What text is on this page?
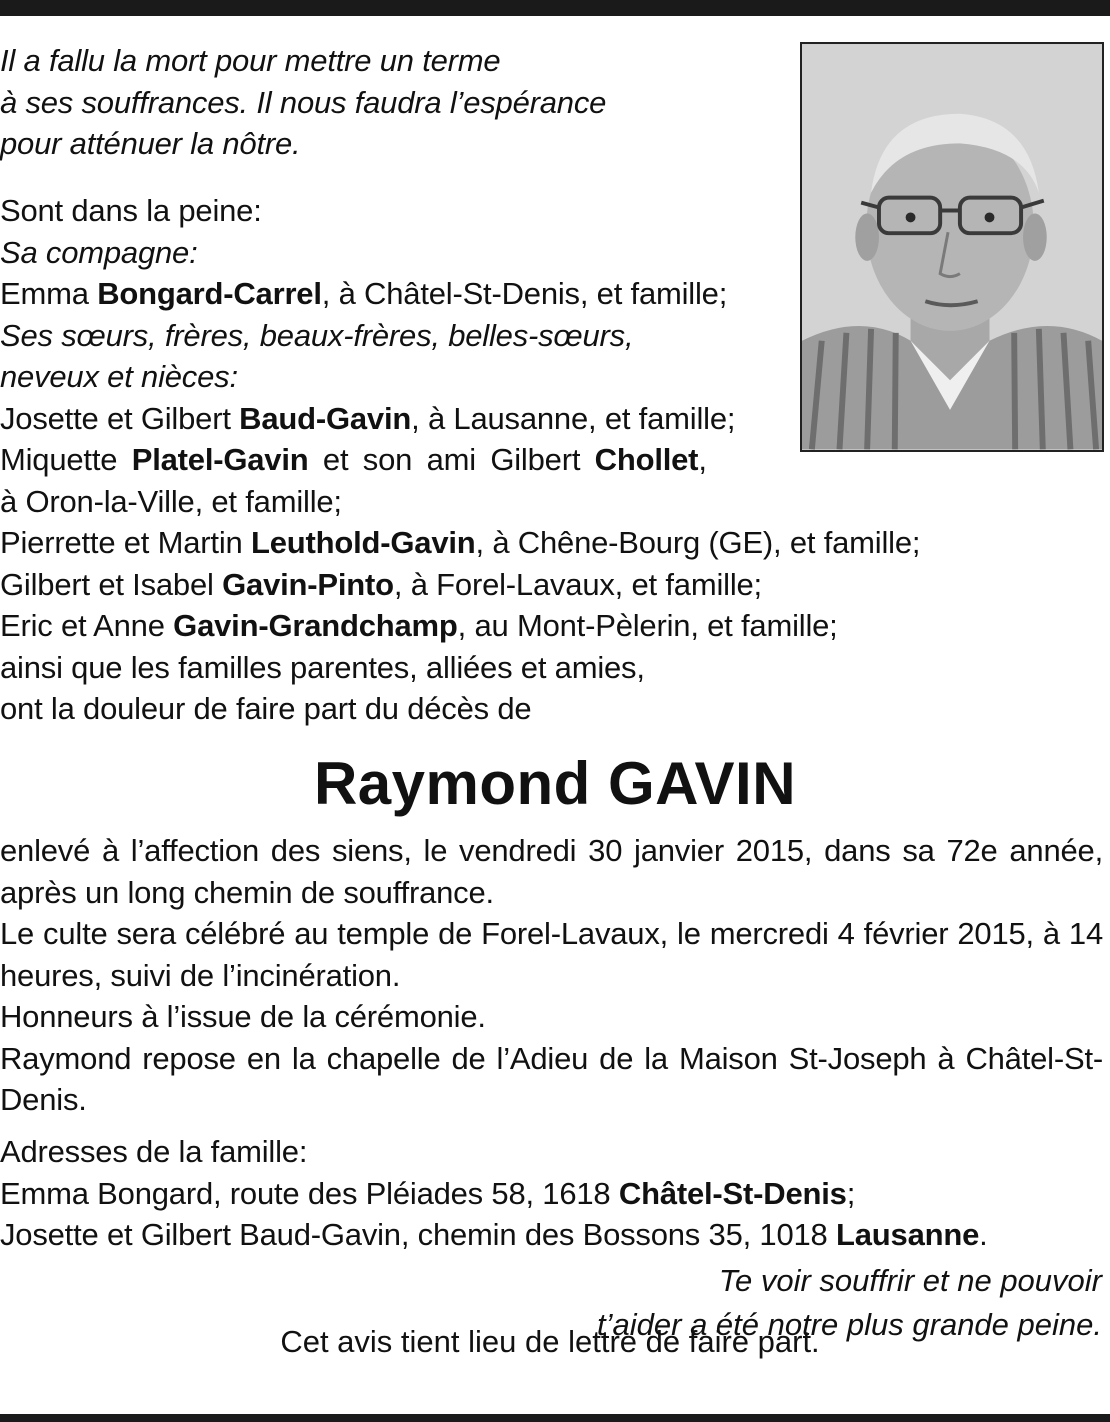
Il a fallu la mort pour mettre un terme
à ses souffrances. Il nous faudra l’espérance
pour atténuer la nôtre.
Sont dans la peine:
Sa compagne:
Emma Bongard-Carrel, à Châtel-St-Denis, et famille;
Ses sœurs, frères, beaux-frères, belles-sœurs,
neveux et nièces:
Josette et Gilbert Baud-Gavin, à Lausanne, et famille;
Miquette Platel-Gavin et son ami Gilbert Chollet,
à Oron-la-Ville, et famille;
Pierrette et Martin Leuthold-Gavin, à Chêne-Bourg (GE), et famille;
Gilbert et Isabel Gavin-Pinto, à Forel-Lavaux, et famille;
Eric et Anne Gavin-Grandchamp, au Mont-Pèlerin, et famille;
ainsi que les familles parentes, alliées et amies,
ont la douleur de faire part du décès de
Raymond GAVIN
enlevé à l’affection des siens, le vendredi 30 janvier 2015, dans sa 72e année, après un long chemin de souffrance.
Le culte sera célébré au temple de Forel-Lavaux, le mercredi 4 février 2015, à 14 heures, suivi de l’incinération.
Honneurs à l’issue de la cérémonie.
Raymond repose en la chapelle de l’Adieu de la Maison St-Joseph à Châtel-St-Denis.
Adresses de la famille:
Emma Bongard, route des Pléiades 58, 1618 Châtel-St-Denis;
Josette et Gilbert Baud-Gavin, chemin des Bossons 35, 1018 Lausanne.
Te voir souffrir et ne pouvoir
t’aider a été notre plus grande peine.
Cet avis tient lieu de lettre de faire part.
